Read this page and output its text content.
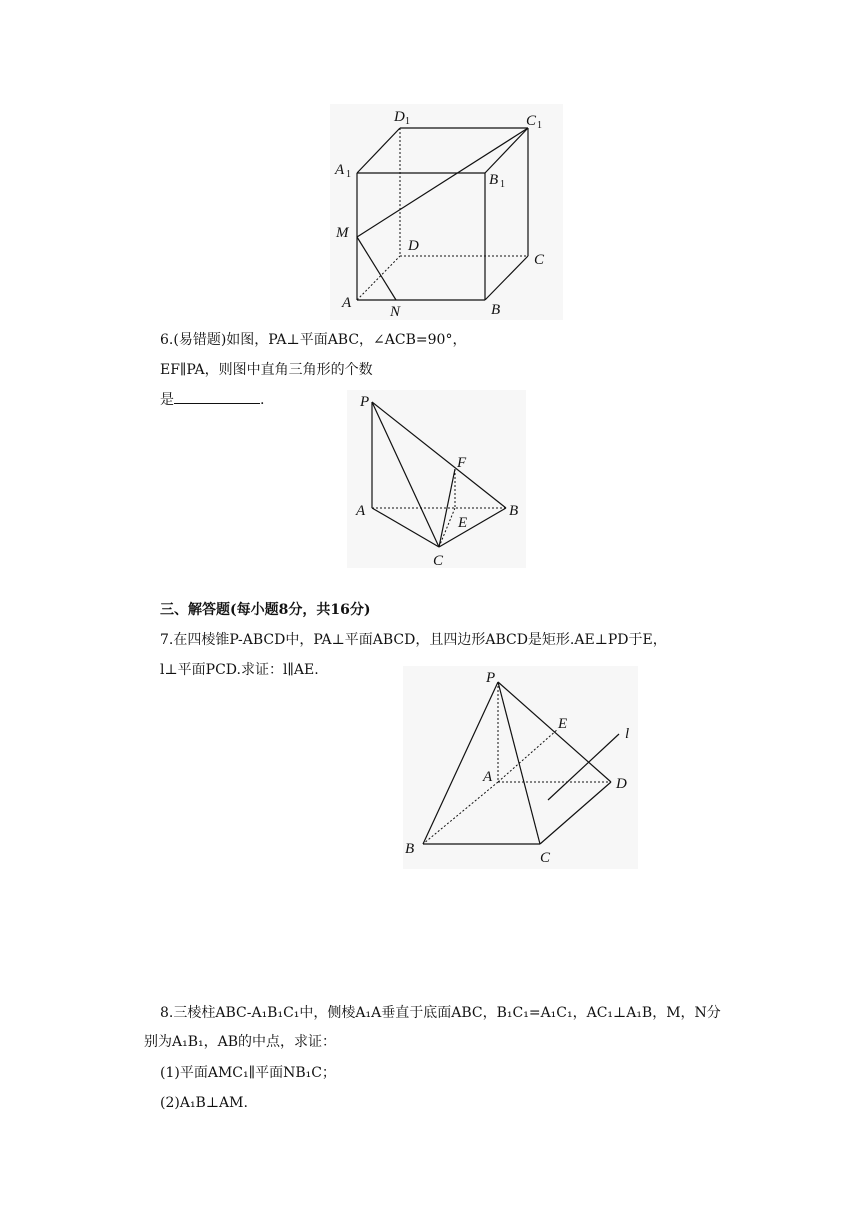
D 1	C 1
A 1	B 1
M
D
C
A
N	B
6.(易错题)如图，PA⊥平面ABC，∠ACB=90°，
EF∥PA，则图中直角三角形的个数
是	.	P
F
A
E
B
C
三、解答题(每小题8分，共16分)
7.在四棱锥P-ABCD中，PA⊥平面ABCD，且四边形ABCD是矩形.AE⊥PD于E，
l⊥平面PCD.求证：l∥AE.	P
E
l
A	D
B
C
8.三棱柱ABC-A₁B₁C₁中，侧棱A₁A垂直于底面ABC，B₁C₁=A₁C₁，AC₁⊥A₁B，M，N分
别为A₁B₁，AB的中点，求证：
(1)平面AMC₁∥平面NB₁C；
(2)A₁B⊥AM.
